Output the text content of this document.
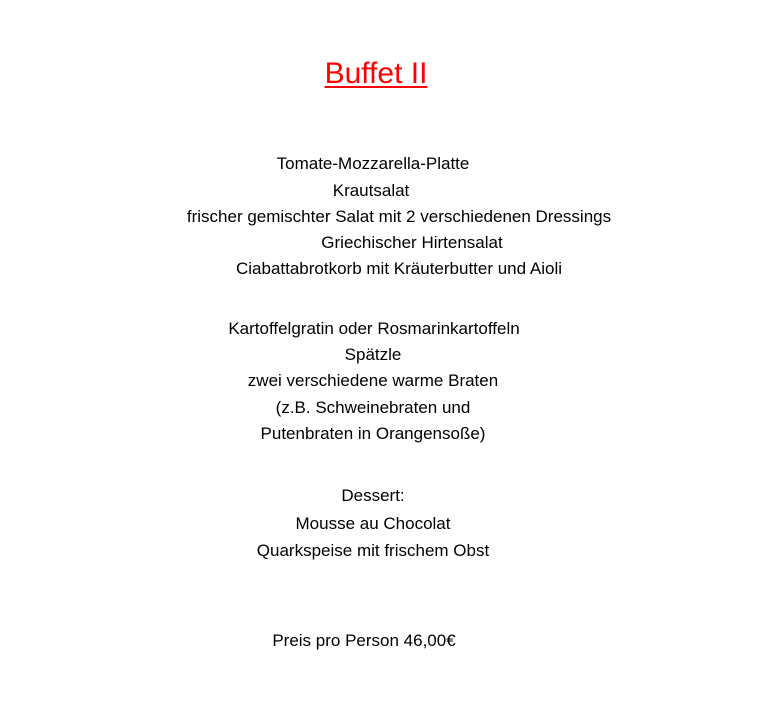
Buffet II
Tomate-Mozzarella-Platte
Krautsalat
frischer gemischter Salat mit 2 verschiedenen Dressings
Griechischer Hirtensalat
Ciabattabrotkorb mit Kräuterbutter und Aioli
Kartoffelgratin oder Rosmarinkartoffeln
Spätzle
zwei verschiedene warme Braten
(z.B. Schweinebraten und
Putenbraten in Orangensoße)
Dessert:
Mousse au Chocolat
Quarkspeise mit frischem Obst
Preis pro Person 46,00€
